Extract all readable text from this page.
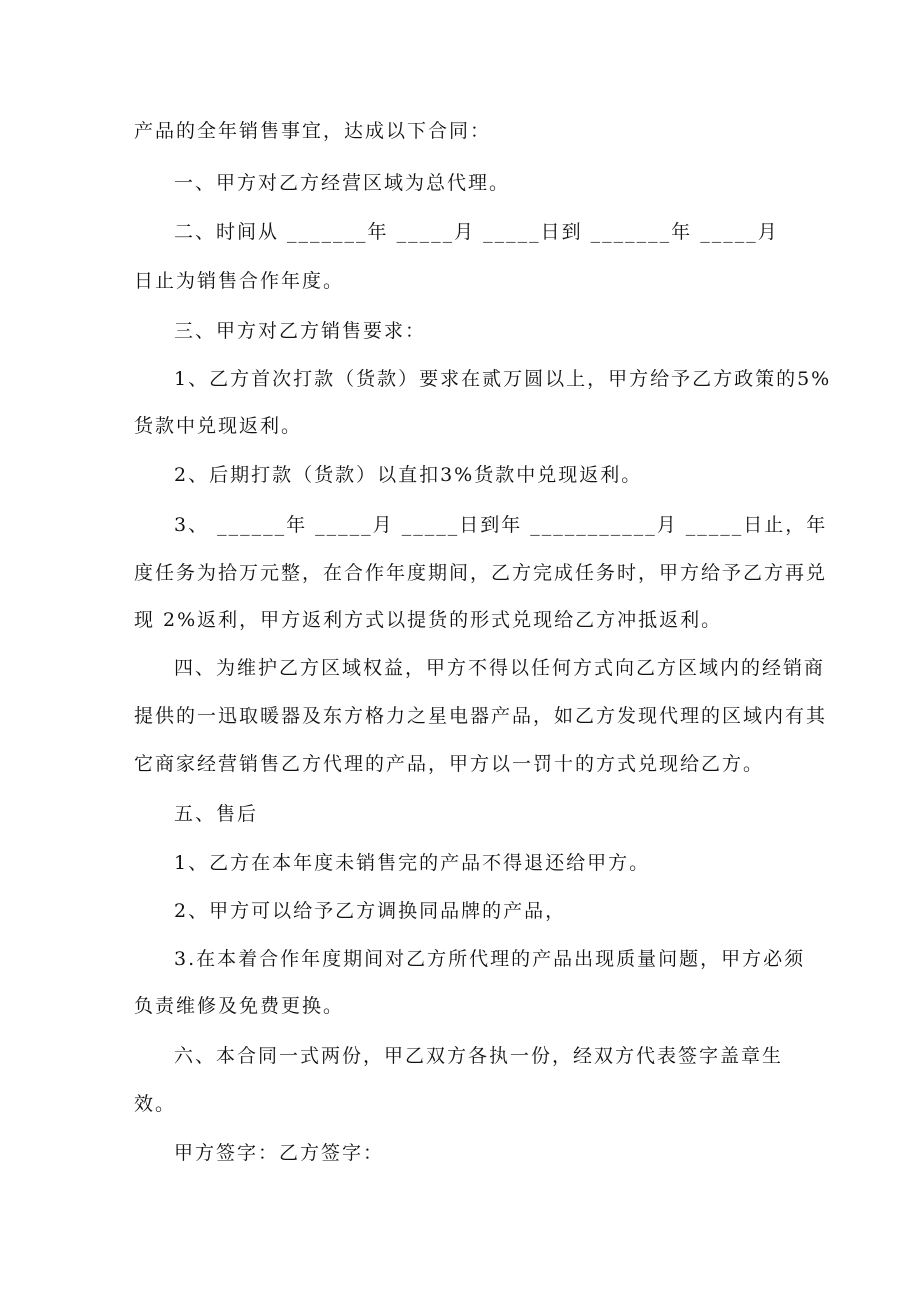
产品的全年销售事宜，达成以下合同：
一、甲方对乙方经营区域为总代理。
二、时间从 _______年 _____月 _____日到 _______年 _____月
日止为销售合作年度。
三、甲方对乙方销售要求：
1、乙方首次打款（货款）要求在贰万圆以上，甲方给予乙方政策的5%
货款中兑现返利。
2、后期打款（货款）以直扣3%货款中兑现返利。
3、 ______年 _____月 _____日到年 ___________月 _____日止，年
度任务为拾万元整，在合作年度期间，乙方完成任务时，甲方给予乙方再兑
现 2%返利，甲方返利方式以提货的形式兑现给乙方冲抵返利。
四、为维护乙方区域权益，甲方不得以任何方式向乙方区域内的经销商
提供的一迅取暖器及东方格力之星电器产品，如乙方发现代理的区域内有其
它商家经营销售乙方代理的产品，甲方以一罚十的方式兑现给乙方。
五、售后
1、乙方在本年度未销售完的产品不得退还给甲方。
2、甲方可以给予乙方调换同品牌的产品，
3.在本着合作年度期间对乙方所代理的产品出现质量问题，甲方必须
负责维修及免费更换。
六、本合同一式两份，甲乙双方各执一份，经双方代表签字盖章生
效。
甲方签字：乙方签字：
